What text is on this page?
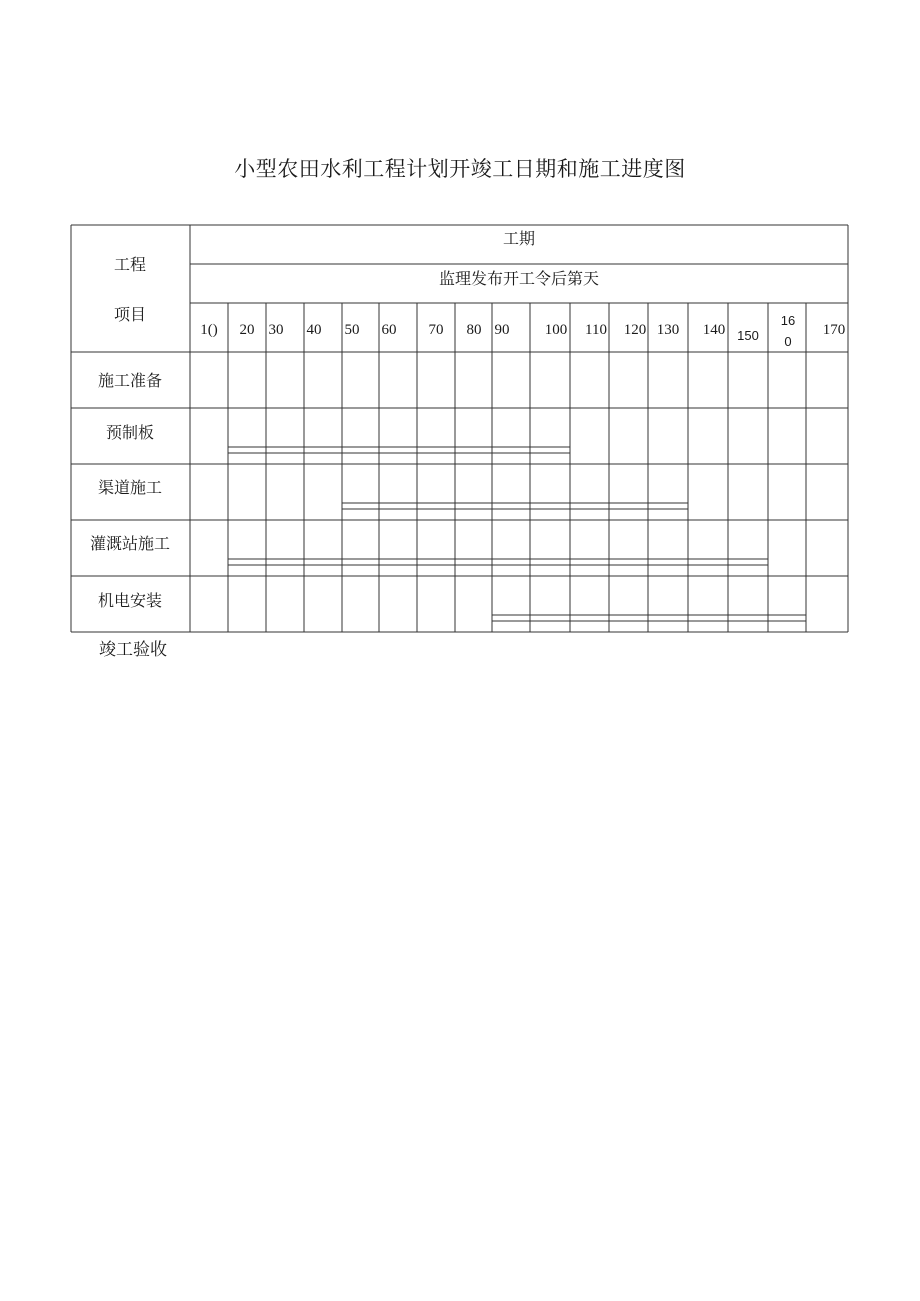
小型农田水利工程计划开竣工日期和施工进度图
工程
项目
工期
监理发布开工令后第天
1() 20 30 40 50 60 70 80 90 100 110 120 130 140 150
16 0
170
施工准备
预制板
渠道施工
灌溉站施工
机电安装
竣工验收
